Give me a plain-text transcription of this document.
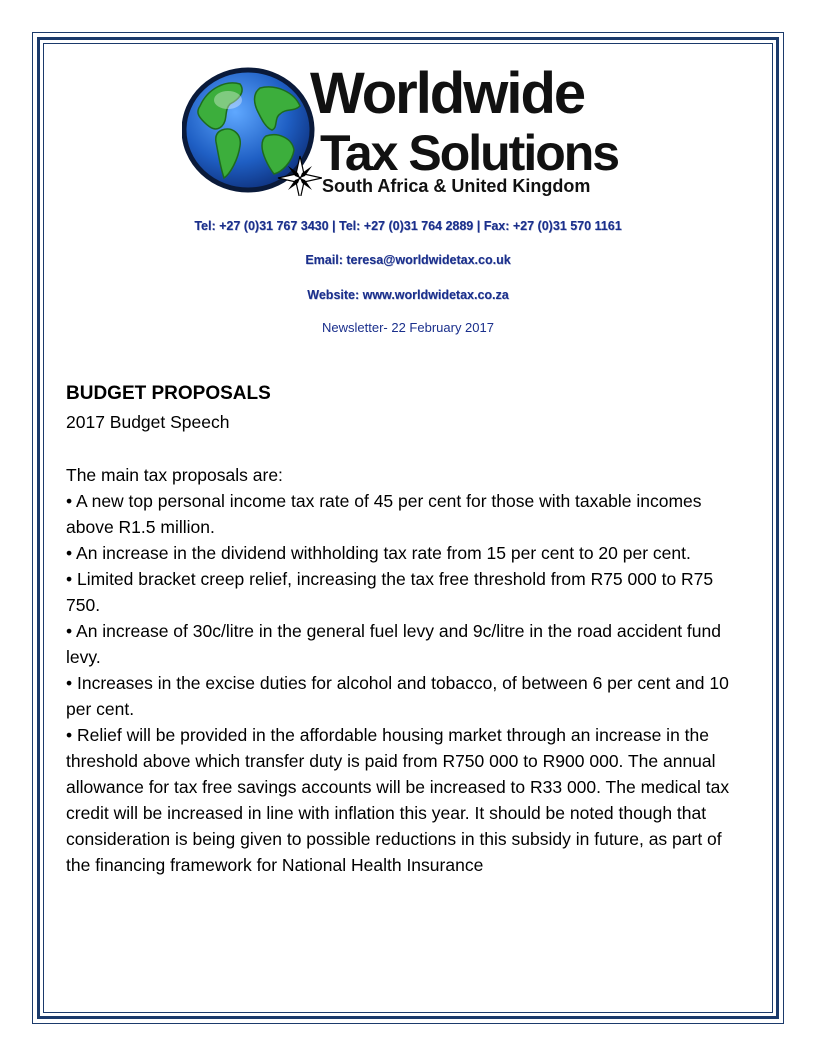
Worldwide
Tax Solutions
South Africa & United Kingdom
Tel: +27 (0)31 767 3430 | Tel: +27 (0)31 764 2889 | Fax: +27 (0)31 570 1161
Email: teresa@worldwidetax.co.uk
Website: www.worldwidetax.co.za
Newsletter- 22 February 2017
BUDGET PROPOSALS
2017 Budget Speech

The main tax proposals are:

• A new top personal income tax rate of 45 per cent for those with taxable incomes above R1.5 million.

• An increase in the dividend withholding tax rate from 15 per cent to 20 per cent.

• Limited bracket creep relief, increasing the tax free threshold from R75 000 to R75 750.

• An increase of 30c/litre in the general fuel levy and 9c/litre in the road accident fund levy.

• Increases in the excise duties for alcohol and tobacco, of between 6 per cent and 10 per cent.

• Relief will be provided in the affordable housing market through an increase in the threshold above which transfer duty is paid from R750 000 to R900 000. The annual allowance for tax free savings accounts will be increased to R33 000. The medical tax credit will be increased in line with inflation this year. It should be noted though that consideration is being given to possible reductions in this subsidy in future, as part of the financing framework for National Health Insurance
